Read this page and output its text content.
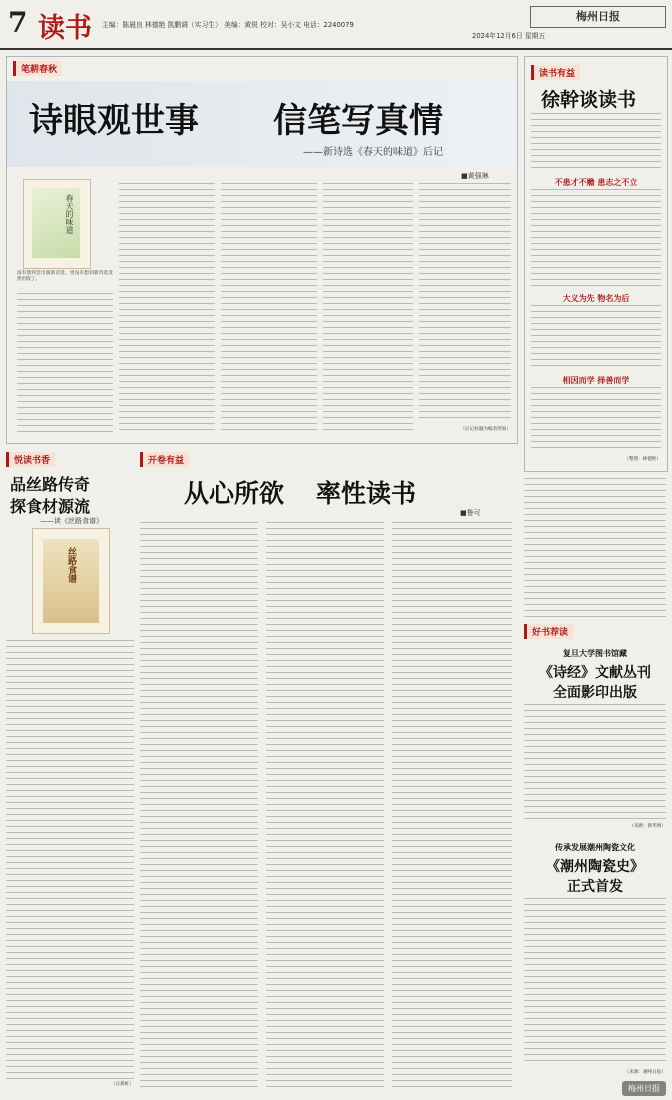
7 读书 主编：陈晨良 林德艳 凯鹏调（实习生） 美编：黄锐 校对：吴小文 电话：2240079
2024年12月6日 星期五
梅州日报
笔耕春秋
诗眼观世事 信笔写真情
——新诗选《春天的味道》后记
■黄强琳
春天的味道
没有想到会出版新诗选，更没有想到新诗选竟然出版了。
（后记标题为编者所加）
读书有益
徐幹谈读书
不患才不赡 患志之不立
大义为先 物名为后
相因而学 择善而学
（整理：林德艳）
悦读书香
品丝路传奇
探食材源流
——读《丝路食谱》
丝路食谱
（汪新虹）
开卷有益
从心所欲 率性读书
■鲁可
好书荐读
复旦大学图书馆藏
《诗经》文献丛刊
全面影印出版
（来源：新华网）
传承发展潮州陶瓷文化
《潮州陶瓷史》
正式首发
（来源：潮州日报）
梅州日报
